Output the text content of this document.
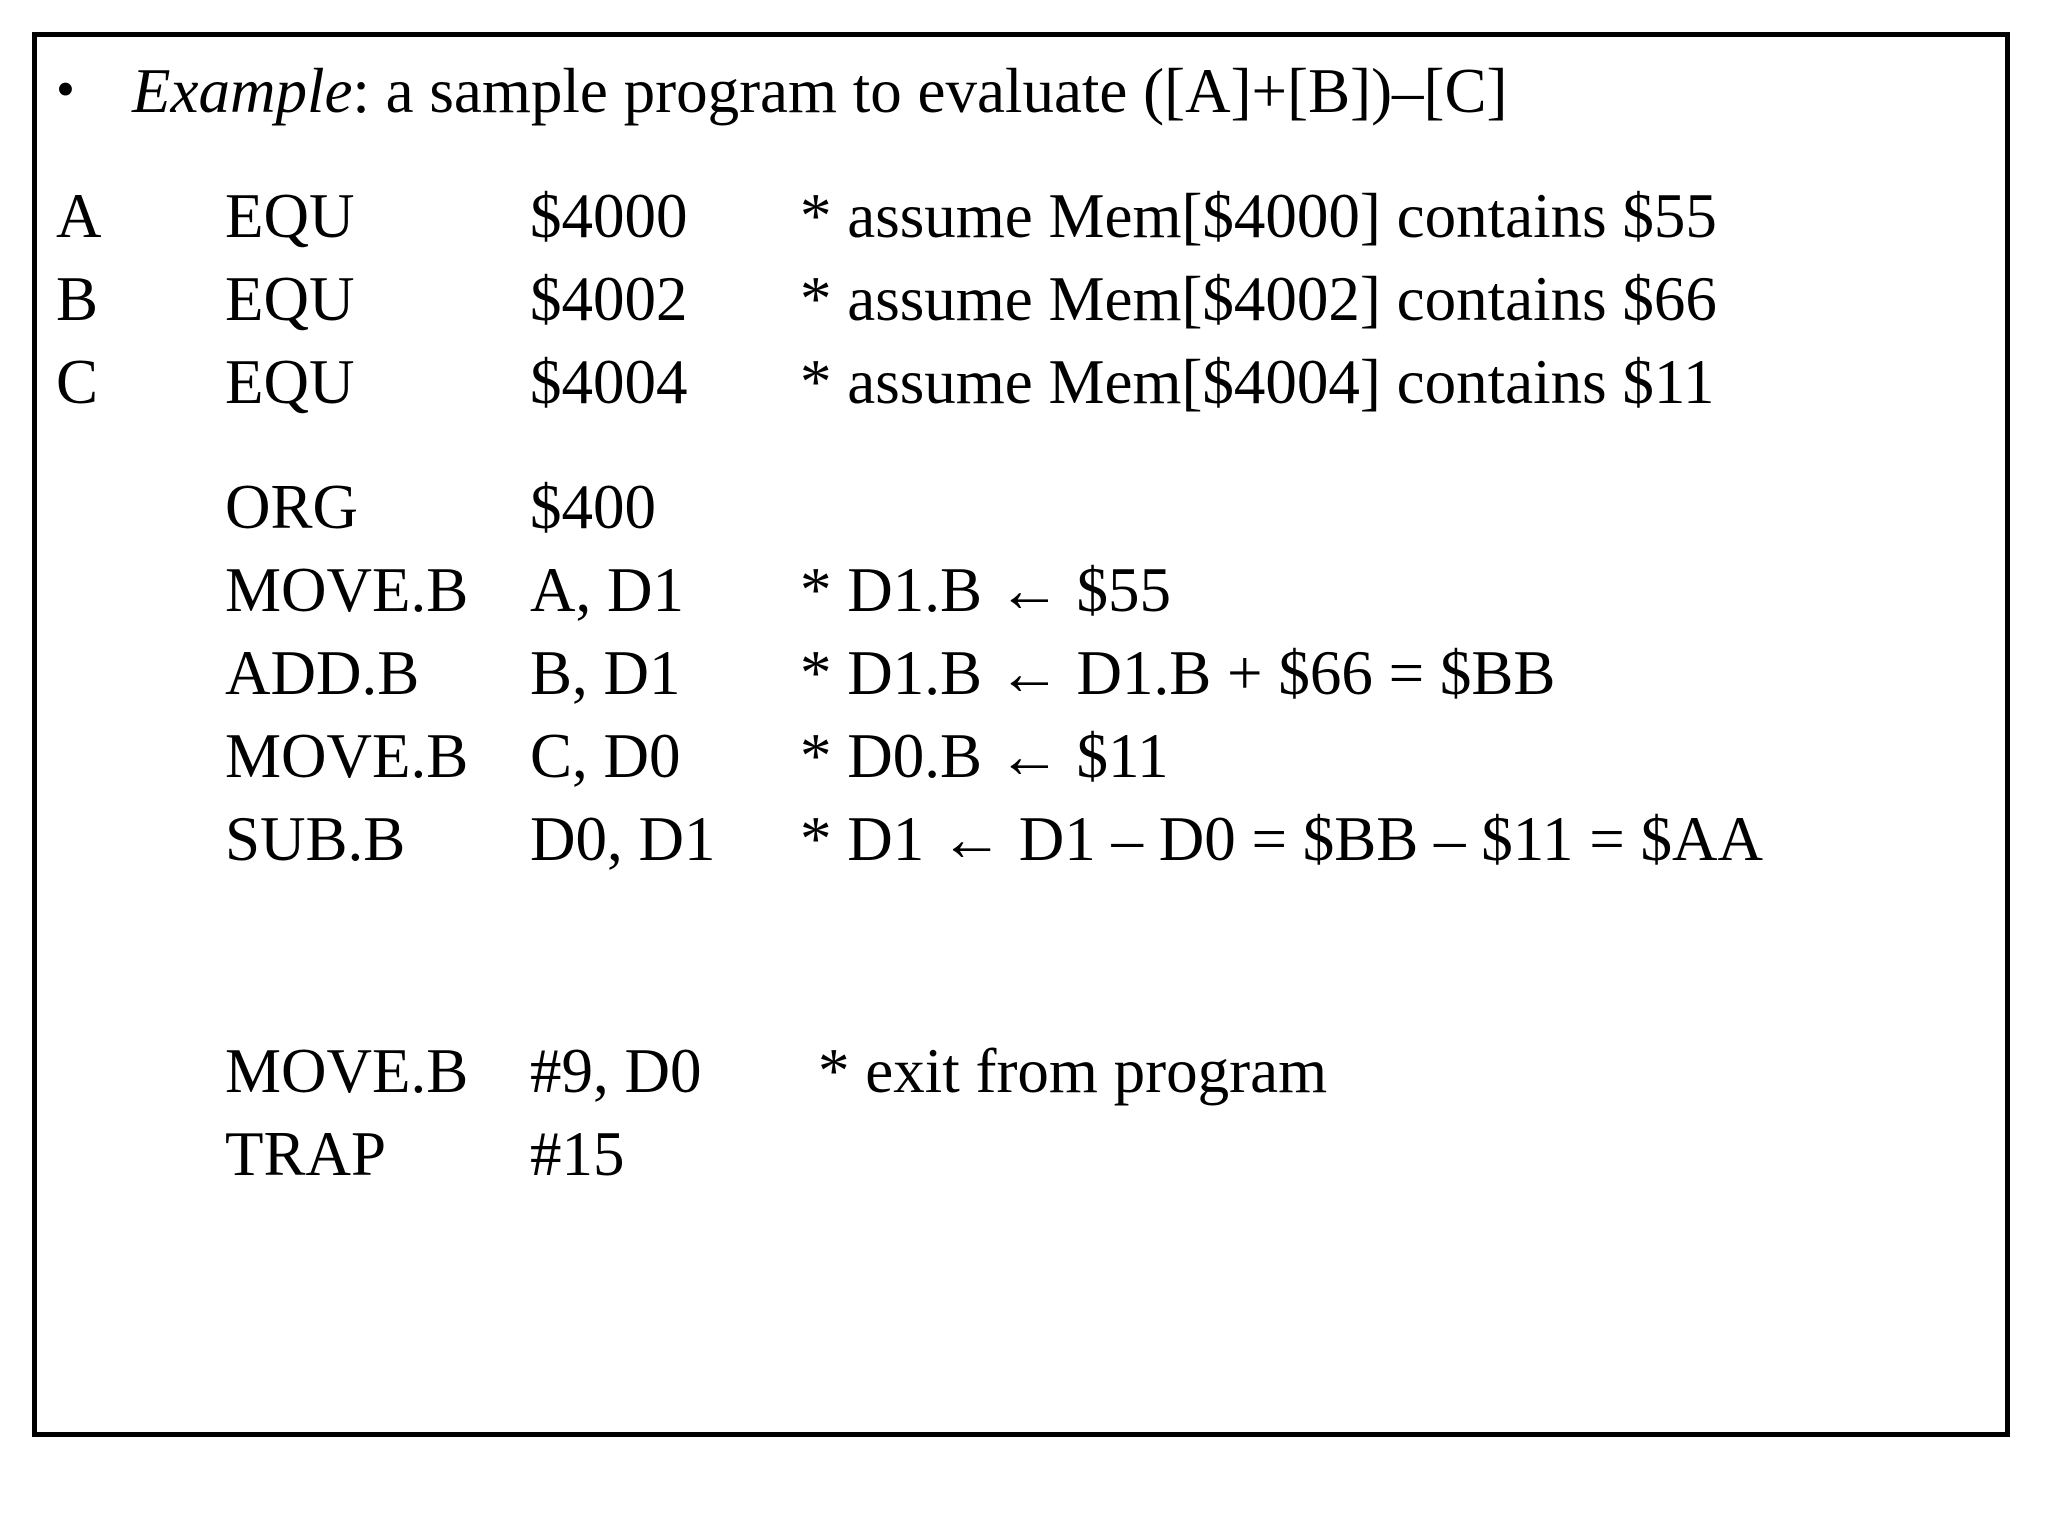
• Example: a sample program to evaluate ([A]+[B])–[C]
A EQU	$4000 * assume Mem[$4000] contains $55
B EQU	$4002 * assume Mem[$4002] contains $66
C EQU	$4004 * assume Mem[$4004] contains $11
ORG	$400
MOVE.B A, D1 * D1.B ← $55
ADD.B B, D1 * D1.B ← D1.B + $66 = $BB
MOVE.B C, D0 * D0.B ← $11
SUB.B D0, D1 * D1 ← D1 – D0 = $BB – $11 = $AA
MOVE.B #9, D0 * exit from program
TRAP #15
